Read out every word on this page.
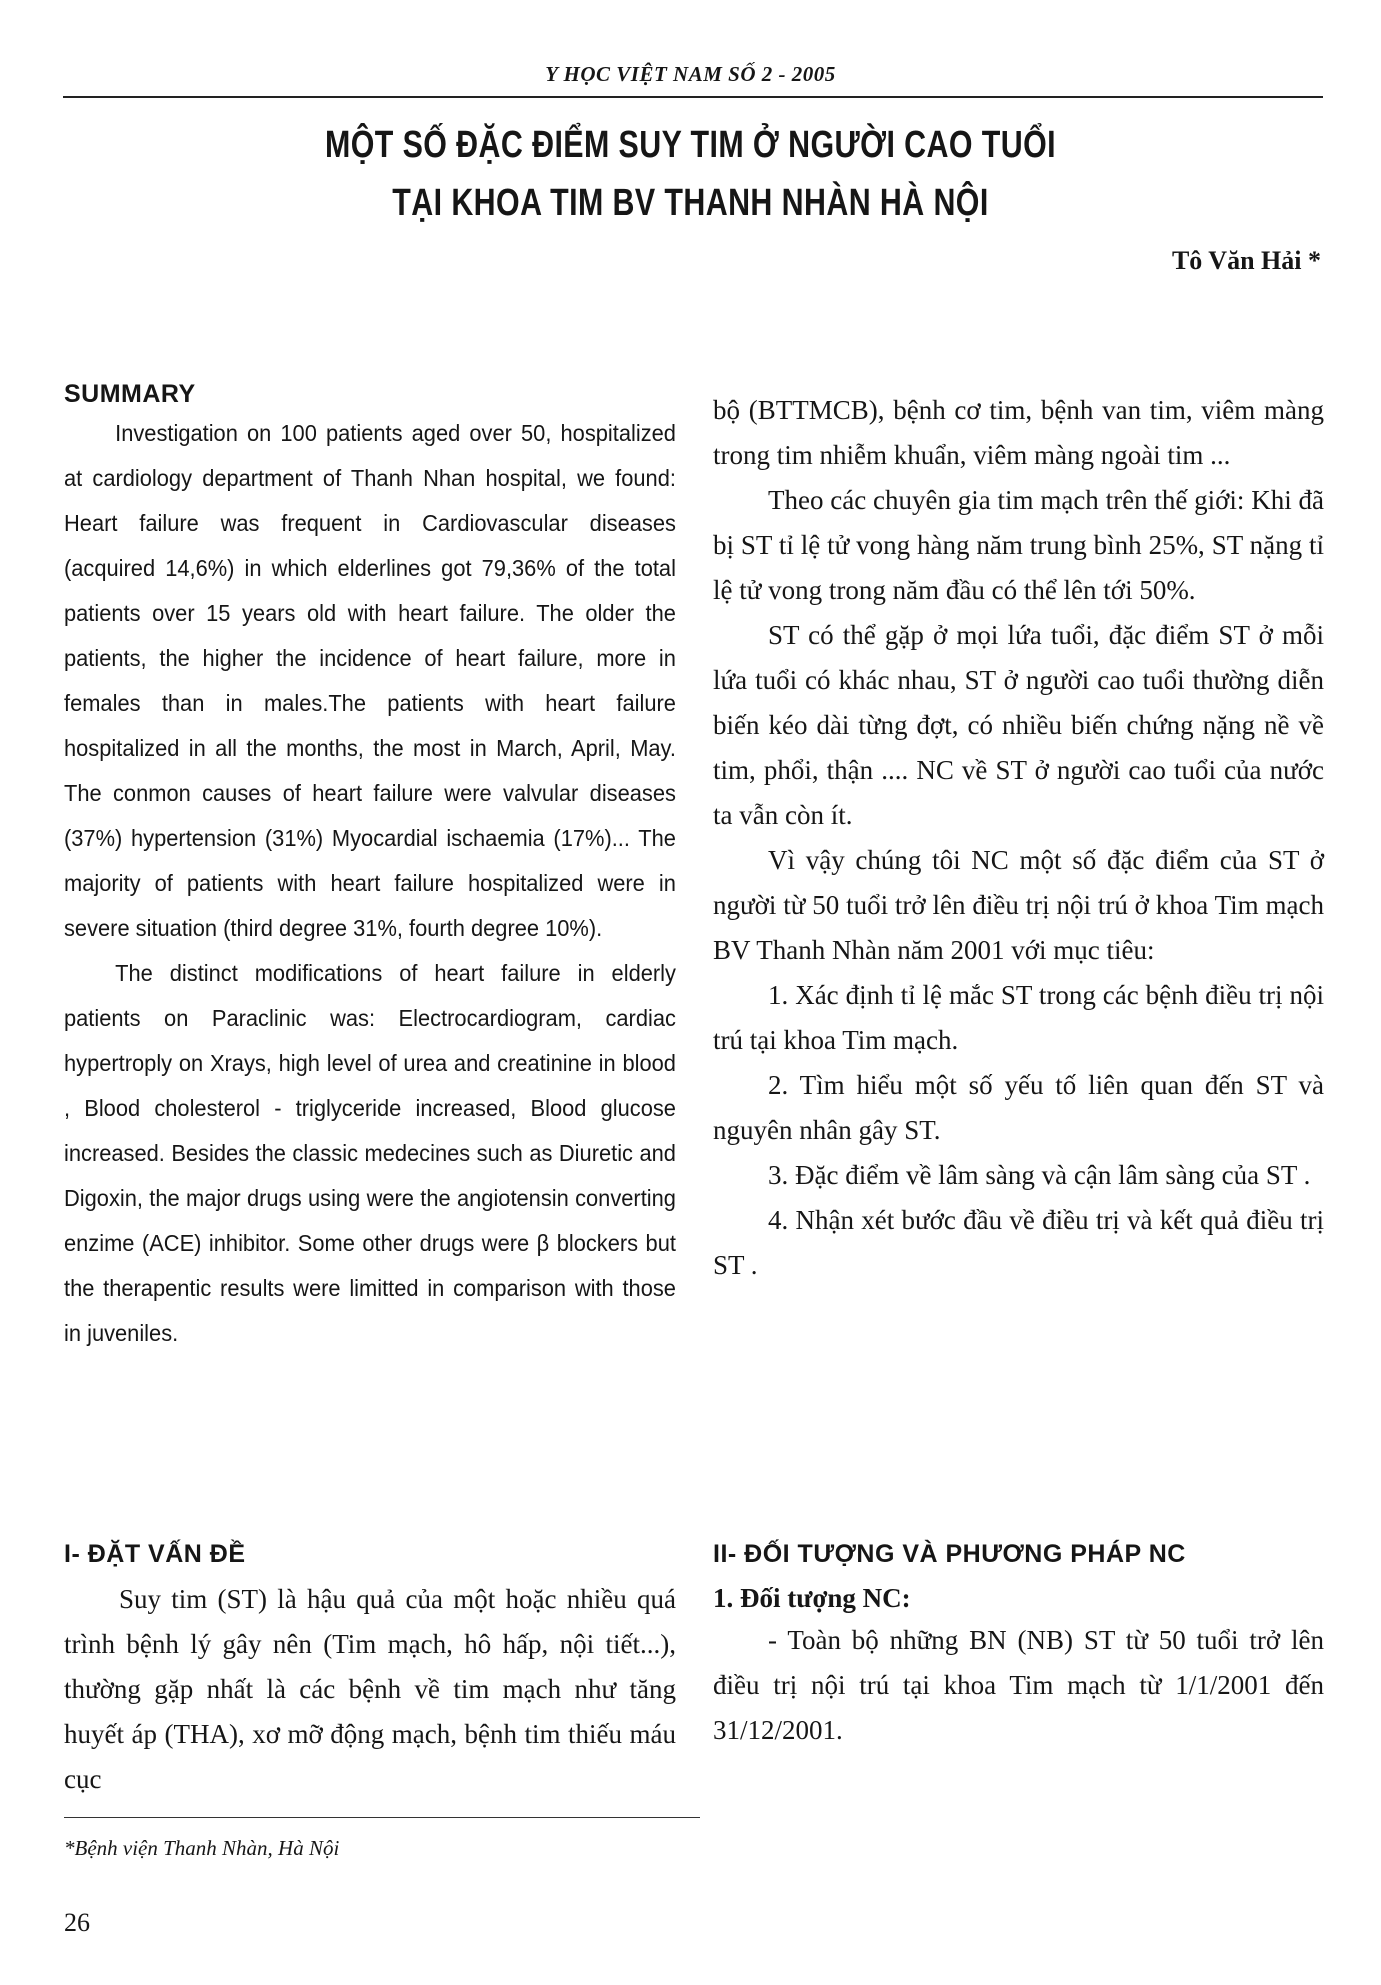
Y HỌC VIỆT NAM SỐ 2 - 2005
MỘT SỐ ĐẶC ĐIỂM SUY TIM Ở NGƯỜI CAO TUỔI
TẠI KHOA TIM BV THANH NHÀN HÀ NỘI
Tô Văn Hải *
SUMMARY

Investigation on 100 patients aged over 50, hospitalized at cardiology department of Thanh Nhan hospital, we found: Heart failure was frequent in Cardiovascular diseases (acquired 14,6%) in which elderlines got 79,36% of the total patients over 15 years old with heart failure. The older the patients, the higher the incidence of heart failure, more in females than in males.The patients with heart failure hospitalized in all the months, the most in March, April, May. The conmon causes of heart failure were valvular diseases (37%) hypertension (31%) Myocardial ischaemia (17%)... The majority of patients with heart failure hospitalized were in severe situation (third degree 31%, fourth degree 10%).

The distinct modifications of heart failure in elderly patients on Paraclinic was: Electrocardiogram, cardiac hypertroply on Xrays, high level of urea and creatinine in blood , Blood cholesterol - triglyceride increased, Blood glucose increased. Besides the classic medecines such as Diuretic and Digoxin, the major drugs using were the angiotensin converting enzime (ACE) inhibitor. Some other drugs were β blockers but the therapentic results were limitted in comparison with those in juveniles.

bộ (BTTMCB), bệnh cơ tim, bệnh van tim, viêm màng trong tim nhiễm khuẩn, viêm màng ngoài tim ...

Theo các chuyên gia tim mạch trên thế giới: Khi đã bị ST tỉ lệ tử vong hàng năm trung bình 25%, ST nặng tỉ lệ tử vong trong năm đầu có thể lên tới 50%.

ST có thể gặp ở mọi lứa tuổi, đặc điểm ST ở mỗi lứa tuổi có khác nhau, ST ở người cao tuổi thường diễn biến kéo dài từng đợt, có nhiều biến chứng nặng nề về tim, phổi, thận .... NC về ST ở người cao tuổi của nước ta vẫn còn ít.

Vì vậy chúng tôi NC một số đặc điểm của ST ở người từ 50 tuổi trở lên điều trị nội trú ở khoa Tim mạch BV Thanh Nhàn năm 2001 với mục tiêu:

1. Xác định tỉ lệ mắc ST trong các bệnh điều trị nội trú tại khoa Tim mạch.

2. Tìm hiểu một số yếu tố liên quan đến ST và nguyên nhân gây ST.

3. Đặc điểm về lâm sàng và cận lâm sàng của ST .

4. Nhận xét bước đầu về điều trị và kết quả điều trị ST .

I- ĐẶT VẤN ĐỀ

Suy tim (ST) là hậu quả của một hoặc nhiều quá trình bệnh lý gây nên (Tim mạch, hô hấp, nội tiết...), thường gặp nhất là các bệnh về tim mạch như tăng huyết áp (THA), xơ mỡ động mạch, bệnh tim thiếu máu cục

II- ĐỐI TƯỢNG VÀ PHƯƠNG PHÁP NC
1. Đối tượng NC:

- Toàn bộ những BN (NB) ST từ 50 tuổi trở lên điều trị nội trú tại khoa Tim mạch từ 1/1/2001 đến 31/12/2001.

*Bệnh viện Thanh Nhàn, Hà Nội
26
